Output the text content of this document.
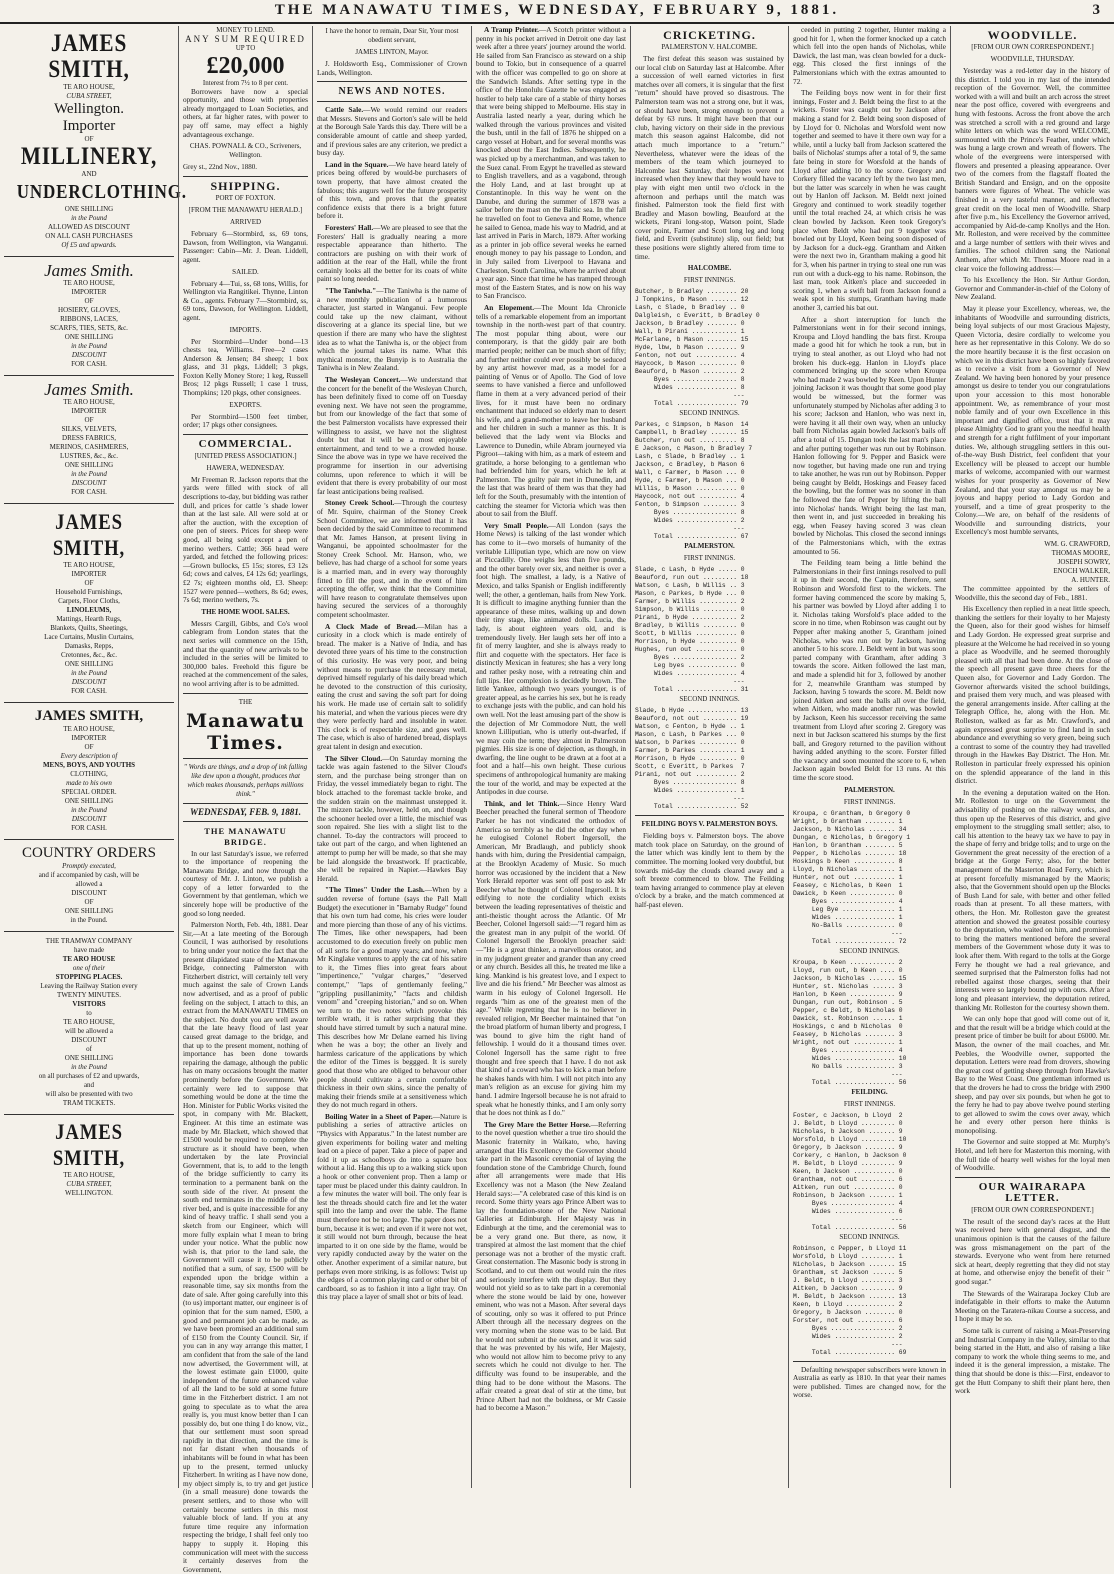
THE MANAWATU TIMES, WEDNESDAY, FEBRUARY 9, 1881.	3
JAMES SMITH,
TE ARO HOUSE,
CUBA STREET,
Wellington.
Importer
OF
MILLINERY,
AND
UNDERCLOTHING.
ONE SHILLING
in the Pound
ALLOWED AS DISCOUNT
ON ALL CASH PURCHASES
Of £5 and upwards.
James Smith.
TE ARO HOUSE,
IMPORTER
OF
HOSIERY, GLOVES,
RIBBONS, LACES,
SCARFS, TIES, SETS, &c.
ONE SHILLING
in the Pound
DISCOUNT
FOR CASH.
James Smith.
TE ARO HOUSE,
IMPORTER
OF
SILKS, VELVETS,
DRESS FABRICS,
MERINOS, CASHMERES,
LUSTRES, &c., &c.
ONE SHILLING
in the Pound
DISCOUNT
FOR CASH.
JAMES SMITH,
TE ARO HOUSE,
IMPORTER
OF
Household Furnishings,
Carpets, Floor Cloths,
LINOLEUMS,
Mattings, Hearth Rugs,
Blankets, Quilts, Sheetings,
Lace Curtains, Muslin Curtains,
Damasks, Repps,
Cretonnes, &c., &c.
ONE SHILLING
in the Pound
DISCOUNT
FOR CASH.
JAMES SMITH,
TE ARO HOUSE,
IMPORTER
OF
Every description of
MENS, BOYS, AND YOUTHS
CLOTHING,
made to his own
SPECIAL ORDER.
ONE SHILLING
in the Pound
DISCOUNT
FOR CASH.
COUNTRY ORDERS
Promptly executed,
and if accompanied by cash, will be
allowed a
DISCOUNT
OF
ONE SHILLING
in the Pound.
THE TRAMWAY COMPANY
have made
TE ARO HOUSE
one of their
STOPPING PLACES.
Leaving the Railway Station every
TWENTY MINUTES.
VISITORS
to
TE ARO HOUSE,
will be allowed a
DISCOUNT
of
ONE SHILLING
in the Pound
on all purchases of £2 and upwards,
and
will also be presented with two
TRAM TICKETS.
JAMES SMITH,
TE ARO HOUSE,
CUBA STREET,
WELLINGTON.
MONEY TO LEND.
ANY SUM REQUIRED
UP TO
£20,000
Interest from 7½ to 8 per cent.

Borrowers have now a special opportunity, and those with properties already mortgaged to Loan Societies, and others, at far higher rates, with power to pay off same, may effect a highly advantageous exchange.

CHAS. POWNALL & CO., Scriveners, Wellington.
Grey st., 22nd Nov., 1880.
SHIPPING.
PORT OF FOXTON.
[FROM THE MANAWATU HERALD.]
ARRIVED

February 6—Stormbird, ss, 69 tons, Dawson, from Wellington, via Wanganui. Passenger: Cabin—Mr. J. Dean. Liddell, agent.

SAILED.

February 4—Tui, ss, 68 tons, Willis, for Wellington via Rangitikei. Thynne, Linton & Co., agents. February 7—Stormbird, ss, 69 tons, Dawson, for Wellington. Liddell, agent.

IMPORTS.

Per Stormbird—Under bond—13 chests tea, Williams. Free—2 cases Anderson & Jensen; 84 sheep; 1 box glass, and 31 pkgs, Liddell; 3 pkgs, Foxton Kelly Money Store; 1 keg, Russell Bros; 12 pkgs Russell; 1 case 1 truss, Thompkins; 120 pkgs, other consignees.

EXPORTS.

Per Stormbird—1500 feet timber, order; 17 pkgs other consignees.

COMMERCIAL.
[UNITED PRESS ASSOCIATION.]
HAWERA, WEDNESDAY.

Mr Freeman R. Jackson reports that the yards were filled with stock of all descriptions to-day, but bidding was rather dull, and prices for cattle 's shade lower than at the last sale. All were sold at or after the auction, with the exception of one pen of steers. Prices for sheep were good, all being sold except a pen of merino wethers. Cattle; 366 head were yarded, and fetched the following prices:—Grown bullocks, £5 15s; stores, £3 12s 6d; cows and calves, £4 12s 6d; yearlings, £2 7s; eighteen months old, £3. Sheep: 1527 were penned—wethers, 8s 6d; ewes, 7s 6d; merino wethers, 7s.

THE HOME WOOL SALES.

Messrs Cargill, Gibbs, and Co's wool cablegram from London states that the next series will commence on the 15th, and that the quantity of new arrivals to be included in the series will be limited to 300,000 bales. Freehold this figure be reached at the commencement of the sales, no wool arriving after is to be admitted.

THE
Manawatu Times.
" Words are things, and a drop of ink falling like dew upon a thought, produces that which makes thousands, perhaps millions think."
WEDNESDAY, FEB. 9, 1881.
THE MANAWATU BRIDGE.

In our last Saturday's issue, we referred to the importance of reopening the Manawatu Bridge, and now through the courtesy of Mr. J. Linton, we publish a copy of a letter forwarded to the Government by that gentleman, which we sincerely hope will be productive of the good so long needed.

Palmerston North, Feb. 4th, 1881. Dear Sir,—At a late meeting of the Borough Council, I was authorised by resolutions to bring under your notice the fact that the present dilapidated state of the Manawatu Bridge, connecting Palmerston with Fitzherbert district, will certainly tell very much against the sale of Crown Lands now advertised, and as a proof of public feeling on the subject, I attach to this, an extract from the MANAWATU TIMES on the subject. No doubt you are well aware that the late heavy flood of last year caused great damage to the bridge, and that up to the present moment, nothing of importance has been done towards repairing the damage, although the public has on many occasions brought the matter prominently before the Government. We certainly were led to suppose that something would be done at the time the Hon. Minister for Public Works visited the spot, in company with Mr. Blackett, Engineer. At this time an estimate was made by Mr. Blackett, which showed that £1500 would be required to complete the structure as it should have been, when undertaken by the late Provincial Government, that is, to add to the length of the bridge sufficiently to carry its termination to a permanent bank on the south side of the river. At present the south end terminates in the middle of the river bed, and is quite inaccessible for any kind of heavy traffic. I shall send you a sketch from our Engineer, which will more fully explain what I mean to bring under your notice. What the public now wish is, that prior to the land sale, the Government will cause it to be publicly notified that a sum, of say, £500 will be expended upon the bridge within a reasonable time, say six months from the date of sale. After going carefully into this (to us) important matter, our engineer is of opinion that for the sum named, £500, a good and permanent job can be made, as we have been promised an additional sum of £150 from the County Council. Sir, if you can in any way arrange this matter, I am confident that from the sale of the land now advertised, the Government will, at the lowest estimate gain £1000, quite independent of the future enhanced value of all the land to be sold at some future time in the Fitzherbert district. I am not going to speculate as to what the area really is, you must know better than I can possibly do, but one thing I do know, viz., that our settlement must soon spread rapidly in that direction, and the time is not far distant when thousands of inhabitants will be found in what has been up to the present, termed unlucky Fitzherbert. In writing as I have now done, my object simply is, to try and get justice (in a small measure) done towards the present settlers, and to those who will certainly become settlers in this most valuable block of land. If you at any future time require any information respecting the bridge, I shall feel only too happy to supply it. Hoping this communication will meet with the success it certainly deserves from the Government,

I have the honor to remain, Dear Sir, Your most obedient servant,
JAMES LINTON, Mayor.

J. Holdsworth Esq., Commissioner of Crown Lands, Wellington.

NEWS AND NOTES.

Cattle Sale.—We would remind our readers that Messrs. Stevens and Gorton's sale will be held at the Borough Sale Yards this day. There will be a considerable amount of cattle and sheep yarded, and if previous sales are any criterion, we predict a busy day.

Land in the Square.—We have heard lately of prices being offered by would-be purchasers of town property, that have almost created the fabulous; this augurs well for the future prosperity of this town, and proves that the greatest confidence exists that there is a bright future before it.

Foresters' Hall.—We are pleased to see that the Foresters' Hall is gradually nearing a more respectable appearance than hitherto. The contractors are pushing on with their work of addition at the rear of the Hall, while the front certainly looks all the better for its coats of white paint so long needed.

"The Taniwha."—The Taniwha is the name of a new monthly publication of a humorous character, just started in Wanganui. Few people could take up the new claimant, without discovering at a glance its special line, but we question if there are many who have the slightest idea as to what the Taniwha is, or the object from which the journal takes its name. What this mythical monster, the Bunyip is to Australia the Taniwha is in New Zealand.

The Wesleyan Concert.—We understand that the concert for the benefit of the Wesleyan Church, has been definitely fixed to come off on Tuesday evening next. We have not seen the programme, but from our knowledge of the fact that some of the best Palmerston vocalists have expressed their willingness to assist, we have not the slightest doubt but that it will be a most enjoyable entertainment, and tend to we a crowded house. Since the above was in type we have received the programme for insertion in our advertising columns, upon reference to which it will be evident that there is every probability of our most far least anticipations being realised.

Stoney Creek School.—Through the courtesy of Mr. Squire, chairman of the Stoney Creek School Committee, we are informed that it has been decided by the said Committee to recommend that Mr. James Hanson, at present living in Wanganui, be appointed schoolmaster for the Stoney Creek School. Mr. Hanson, who, we believe, has had charge of a school for some years is a married man, and in every way thoroughly fitted to fill the post, and in the event of him accepting the offer, we think that the Committee will have reason to congratulate themselves upon having secured the services of a thoroughly competent schoolmaster.

A Clock Made of Bread.—Milan has a curiosity in a clock which is made entirely of bread. The maker is a Native of India, and has devoted three years of his time to the construction of this curiosity. He was very poor, and being without means to purchase the necessary metal, deprived himself regularly of his daily bread which he devoted to the construction of this curiosity, eating the crust and saving the soft part for doing his work. He made use of certain salt to solidify his material, and when the various pieces were dry they were perfectly hard and insoluble in water. This clock is of respectable size, and goes well. The case, which is also of hardened bread, displays great talent in design and execution.

The Silver Cloud.—On Saturday morning the tackle was again fastened to the Silver Cloud's stern, and the purchase being stronger than on Friday, the vessel immediately began to right. The block attached to the foremast tackle broke, and the sudden strain on the mainmast unstepped it. The mizzen tackle, however, held on, and though the schooner heeled over a little, the mischief was soon repaired. She lies with a slight list to the channel. To-day the contractors will proceed to take out part of the cargo, and when lightened an attempt to pump her will be made, so that she may be laid alongside the breastwork. If practicable, she will be repaired in Napier.—Hawkes Bay Herald.

"The Times" Under the Lash.—When by a sudden reverse of fortune (says the Pall Mall Budget) the executioner in "Barnaby Rudge" found that his own turn had come, his cries were louder and more piercing than those of any of his victims. The Times, like other newspapers, had been accustomed to do execution freely on public men of all sorts for a good many years; and now, when Mr Kinglake ventures to apply the cat of his satire to it, the Times flies into great fears about "impertinence," "vulgar charges," "deserved contempt," "laps of gentlemanly feeling," "grippling pusillanimity," "facts and childish venom" and "creeping historian," and so on. When we turn to the two notes which provoke this terrible wrath, it is rather surprising that they should have stirred tumult by such a natural mine. This describes how Mr Delane earned his living when he was a boy; the other an lively and harmless caricature of the applications by which the editor of the Times is beggged. It is surely good that those who are obliged to behavour other people should cultivate a certain comfortable thickness in their own skins, since the penalty of making their friends smile at a sensitiveness which they do not much regard in others.

Boiling Water in a Sheet of Paper.—Nature is publishing a series of attractive articles on "Physics with Apparatus." In the latest number are given experiments for boiling water and melting lead on a piece of paper. Take a piece of paper and fold it up as schoolboys do into a square box without a lid. Hang this up to a walking stick upon a hook or other convenient prop. Then a lamp or taper must be placed under this dainty cauldron. In a few minutes the water will boil. The only fear is lest the threads should catch fire and let the water spill into the lamp and over the table. The flame must therefore not be too large. The paper does not burn, because it is wet; and even if it were not wet, it still would not burn through, because the heat imparted to it on one side by the flame, would be very rapidly conducted away by the water on the other. Another experiment of a similar nature, but perhaps even more striking, is as follows: Twist up the edges of a common playing card or other bit of cardboard, so as to fashion it into a light tray. On this tray place a layer of small shot or bits of lead.

A Tramp Printer.—A Scotch printer without a penny in his pocket arrived in Detroit one day last week after a three years' journey around the world. He sailed from San Francisco as steward on a ship bound to Tokio, but in consequence of a quarrel with the officer was compelled to go on shore at the Sandwich Islands. After setting type in the office of the Honolulu Gazette he was engaged as hostler to help take care of a stable of thirty horses that were being shipped to Melbourne. His stay in Australia lasted nearly a year, during which he walked through the various provinces and visited the bush, until in the fall of 1876 he shipped on a cargo vessel at Hobart, and for several months was knocked about the East Indies. Subsequently, he was picked up by a merchantman, and was taken to the Suez canal. From Egypt he travelled as steward to English travellers, and as a vagabond, through the Holy Land, and at last brought up at Constantinople. In this way he went on the Danube, and during the summer of 1878 was a sailor before the mast on the Baltic sea. In the fall he travelled on foot to Geneva and Rome, whence he sailed to Genoa, made his way to Madrid, and at last arrived in Paris in March, 1879. After working as a printer in job office several weeks he earned enough money to pay his passage to London, and in July sailed from Liverpool to Havana and Charleston, South Carolina, where he arrived about a year ago. Since that time he has tramped through most of the Eastern States, and is now on his way to San Francisco.

An Elopement.—The Mount Ida Chronicle tells of a remarkable elopement from an important township in the north-west part of that country. The most popular thing about, were our contemporary, is that the giddy pair are both married people; neither can be much short of fifty; and further neither could ever possibly be seduced by any artist however mad, as a model for a painting of Venus or of Apollo. The God of love seems to have vanished a fierce and unfollowed flame in them at a very advanced period of their lives, for it must have been no ordinary enchantment that induced so elderly man to desert his wife, and a grand-mother to leave her husband and her children in such a manner as this. It is believed that the lady went via Blocks and Lawrence to Dunedin, while Abram journeyed via Pigroot—taking with him, as a mark of esteem and gratitude, a horse belonging to a gentleman who had befriended him for years, which he left at Palmerston. The guilty pair met in Dunedin, and the last that was heard of them was that they had left for the South, presumably with the intention of catching the steamer for Victoria which was then about to sail from the Bluff.

Very Small People.—All London (says the Home News) is talking of the last wonder which has come to it—two morsels of humanity of the veritable Lilliputian type, which are now on view at Piccadilly. One weighs less than five pounds, and the other barely over six, and neither is over a foot high. The smallest, a lady, is a Native of Mexico, and talks Spanish or English indifferently well; the other, a gentleman, hails from New York. It is difficult to imagine anything funnier than the appearance of these mites, walking up and down their tiny stage, like animated dolls. Lucia, the lady, is about eighteen years old, and is tremendously lively. Her laugh sets her off into a fit of merry laughter, and she is always ready to flirt and coquette with the spectators. Her face is distinctly Mexican in features; she has a very long and rather pesky nose, with a retreating chin and full lips. Her complexion is decidedly brown. The little Yankee, although two years younger, is of greater appeal, as he carries his sex, but he is ready to exchange jests with the public, and can hold his own well. Not the least amusing part of the show is the dejection of Mr Commodore Nutt, the well known Lilliputian, who is utterly out-dwarfed, if we may coin the term; they almost in Palmerston pigmies. His size is one of dejection, as though, in dwarfing, the line ought to be drawn at a foot at a foot and a half—his own height. These curious specimens of anthropological humanity are making the tour of the world, and may be expected at the Antipodes in due course.

Think, and let Think.—Since Henry Ward Beecher preached the funeral sermon of Theodore Parker he has not vindicated the orthodox of America so terribly as he did the other day when he eulogised Colonel Robert Ingersoll, the American, Mr Bradlaugh, and publicly shook hands with him, during the Presidential campaign, at the Brooklyn Academy of Music. So much horror was occasioned by the incident that a New York Herald reporter was sent off post to ask Mr Beecher what he thought of Colonel Ingersoll. It is edifying to note the cordiality which exists between the leading representatives of theistic and anti-theistic thought across the Atlantic. Of Mr Beecher, Colonel Ingersoll said:—"I regard him as the greatest man in any pulpit of the world. Of Colonel Ingersoll the Brooklyn preacher said:—"He is a great thinker, a marvellous orator, and in my judgment greater and grander than any creed or any church. Besides all this, he treated me like a king. Mankind is his greatest love, and I expect to live and die his friend." Mr Beecher was almost as warm in his eulogy of Colonel Ingersoll. He regards "him as one of the greatest men of the age." While regretting that he is no believer in revealed religion, Mr Beecher maintained that "on the broad platform of human liberty and progress, I was bound to give him the right hand of fellowship. I would do it a thousand times over. Colonel Ingersoll has the same right to free thought and free speech that I have. I do not ask that kind of a coward who has to kick a man before he shakes hands with him. I will not pitch into any man's religion as an excuse for giving him my hand. I admire Ingersoll because he is not afraid to speak what he honestly thinks, and I am only sorry that he does not think as I do."

The Grey Mare the Better Horse.—Referring to the novel question whether a true tiro should the Masonic fraternity in Waikato, who, having arranged that His Excellency the Governor should take part in the Masonic ceremonial of laying the foundation stone of the Cambridge Church, found after all arrangements were made that His Excellency was not a Mason (the New Zealand Herald says:—"A celebrated case of this kind is on record. Some thirty years ago Prince Albert was to lay the foundation-stone of the New National Galleries at Edinburgh. Her Majesty was in Edinburgh at the time, and the ceremonial was to be a very grand one. But there, as now, it transpired at almost the last moment that the chief personage was not a brother of the mystic craft. Great consternation. The Masonic body is strong in Scotland, and to cut them out would ruin the rites and seriously interfere with the display. But they would not yield so as to take part in a ceremonial where the stone would be laid by one, however eminent, who was not a Mason. After several days of scouting, only so was it offered to put Prince Albert through all the necessary degrees on the very morning when the stone was to be laid. But he would not submit at the outset, and it was said that he was prevented by his wife, Her Majesty, who would not allow him to become privy to any secrets which he could not divulge to her. The difficulty was found to be insuperable, and the thing had to be done without the Masons. The affair created a great deal of stir at the time, but Prince Albert had not the boldness, or Mr Cassie had to become a Mason."

CRICKETING.
PALMERSTON V. HALCOMBE.

The first defeat this season was sustained by our local club on Saturday last at Halcombe. After a succession of well earned victories in first matches over all comers, it is singular that the first "return" should have proved so disastrous. The Palmerston team was not a strong one, but it was, or should have been, strong enough to prevent a defeat by 63 runs. It might have been that our club, having victory on their side in the previous match this season against Halcombe, did not attach much importance to a "return." Nevertheless, whatever were the ideas of the members of the team which journeyed to Halcombe last Saturday, their hopes were not increased when they knew that they would have to play with eight men until two o'clock in the afternoon and perhaps until the match was finished. Palmerston took the field first with Bradley and Mason bowling, Beauford at the wickets, Pirani long-stop, Watson point, Slade cover point, Farmer and Scott long leg and long field, and Everitt (substitute) slip, out field; but these positions were slightly altered from time to time.

HALCOMBE.
FIRST INNINGS.
Butcher, b Bradley ........ 20
J Tompkins, b Mason ....... 12
Lash, c Slade, b Bradley .. 0
Dalgleish, c Everitt, b Bradley 0
Jackson, b Bradley ........ 0
Wall, b Pirani ............ 1
McFarlane, b Mason ........ 15
Hyde, lbw, b Mason ........ 9
Fenton, not out ........... 4
Haycock, b Mason .......... 0
Beauford, b Mason ......... 2
Byes ................. 8
Wides ................ 8
---
Total ................ 79
SECOND INNINGS.
Parkes, c Simpson, b Mason  14
Campbell, b Bradley ....... 15
Butcher, run out .......... 8
E Jackson, c Mason, b Bradley 7
Lash, c Slade, b Bradley .. 1
Jackson, c Bradley, b Mason 6
Wall, c Farmer, b Mason ... 0
Hyde, c Farmer, b Mason ... 0
Willis, b Mason ........... 0
Haycock, not out .......... 4
Fenton, b Simpson ......... 3
Byes ................. 8
Wides ................ 2
---
Total ................ 67
PALMERSTON.
FIRST INNINGS.
Slade, c Lash, b Hyde ..... 0
Beauford, run out ......... 18
Watson, c Lash, b Willis .. 3
Mason, c Parkes, b Hyde ... 0
Farmer, b Willis .......... 2
Simpson, b Willis ......... 0
Pirani, b Hyde ............ 2
Bradley, b Willis ......... 0
Scott, b Willis ........... 0
Morrison, b Hyde .......... 0
Hughes, run out ........... 0
Byes ................. 2
Leg byes ............. 0
Wides ................ 4
---
Total ................ 31
SECOND INNINGS.
Slade, b Hyde ............. 13
Beauford, not out ......... 19
Watson, c Fenton, b Hyde .. 1
Mason, c Lash, b Parkes ... 0
Watson, b Parkes .......... 0
Farmer, b Parkes .......... 1
Morrison, b Hyde .......... 0
Scott, c Everitt, b Parkes  7
Pirani, not out ........... 2
Byes ................. 8
Wides ................ 1
---
Total ................ 52
FEILDING BOYS V. PALMERSTON BOYS.

Fielding boys v. Palmerston boys. The above match took place on Saturday, on the ground of the latter which was kindly lent to them by the committee. The morning looked very doubtful, but towards mid-day the clouds cleared away and a soft breeze commenced to blow. The Feilding team having arranged to commence play at eleven o'clock by a brake, and the match commenced at half-past eleven.

ceeded in putting 2 together, Hunter making a good hit for 1, when the former knocked up a catch which fell into the open hands of Nicholas, while Dawick, the last man, was clean bowled for a duck-egg. This closed the first innings of the Palmerstonians which with the extras amounted to 72.

The Feilding boys now went in for their first innings, Foster and J. Beldt being the first to at the wickets. Foster was caught out by Jackson after making a stand for 2. Beldt being soon disposed of by Lloyd for 0. Nicholas and Worsfold went now together and seemed to have it there own way for a while, until a lucky ball from Jackson scattered the bails of Nicholas' stumps after a total of 9, the same fate being in store for Worsfold at the hands of Lloyd after adding 10 to the score. Gregory and Corkery filled the vacancy left by the two last men, but the latter was scarcely in when he was caught out by Hanlon off Jackson. M. Beldt next joined Gregory and continued to work steadily together until the total reached 24, at which crisis he was clean bowled by Jackson. Keen took Gregory's place when Beldt who had put 9 together was bowled out by Lloyd, Keen being soon disposed of by Jackson for a duck-egg. Grantham and Aitken were the next two in, Grantham making a good hit for 3, when his partner in trying to steal one run was run out with a duck-egg to his name. Robinson, the last man, took Aitken's place and succeeded in scoring 1, when a swift ball from Jackson found a weak spot in his stumps, Grantham having made another 3, carried his bat out.

After a short interruption for lunch the Palmerstonians went in for their second innings, Kroupa and Lloyd handling the bats first. Kroupa made a good hit for which he took a run, but in trying to steal another, as out Lloyd who had not broken his duck-egg. Hanlon in Lloyd's place commenced bringing up the score when Kroupa who had made 2 was bowled by Keen. Upon Hunter joining Jackson it was thought that some good play would be witnessed, but the former was unfortunately stumped by Nicholas after adding 3 to his score; Jackson and Hanlon, who was next in, were having it all their own way, when an unlucky ball from Nicholas again bowled Jackson's bails off after a total of 15. Dungan took the last man's place and after putting together was run out by Robinson. Hanlon following for 9. Pepper and Basick were now together, but having made one run and trying to take another, he was run out by Robinson. Pepper being caught by Beldt, Hoskings and Feasey faced the bowling, but the former was no sooner in than he followed the fate of Pepper by lifting the ball into Nicholas' hands. Wright being the last man, then went in, and just succeeded in breaking his egg, when Feasey having scored 3 was clean bowled by Nicholas. This closed the second innings of the Palmerstonians which, with the extras amounted to 56.

The Feilding team being a little behind the Palmerstonians in their first innings resolved to pull it up in their second, the Captain, therefore, sent Robinson and Worsfold first to the wickets. The former having commenced the score by making 5, his partner was bowled by Lloyd after adding 1 to it. Nicholas taking Worsfold's place added to the score in no time, when Robinson was caught out by Pepper after making another 5, Grantham joined Nicholas, who was run out by Jackson, having another 5 to his score. J. Beldt went in but was soon parted company with Grantham, after adding 3 towards the score. Aitken followed the last man, and made a splendid hit for 3, followed by another for 2, meanwhile Grantham was stumped by Jackson, having 5 towards the score. M. Beldt now joined Aitken and sent the balls all over the field, when Aitken, who made another run, was bowled by Jackson, Keen his successor receiving the same treatment from Lloyd after scoring 2. Gregory was next in but Jackson scattered his stumps by the first ball, and Gregory returned to the pavilion without having added anything to the score. Forster filled the vacancy and soon mounted the score to 6, when Jackson again bowled Beldt for 13 runs. At this time the score stood.

PALMERSTON.
FIRST INNINGS.
Kroupa, c Grantham, b Gregory 0
Wright, b Grantham ........ 1
Jackson, b Nicholas ....... 34
Dungan, c Nicholas, b Gregory 1
Hanlon, b Grantham ........ 5
Pepper, b Nicholas ........ 18
Hoskings b Keen ........... 8
Lloyd, b Nicholas ......... 1
Hunter, not out ........... 1
Feasey, c Nicholas, b Keen  1
Dawick, b Keen ............ 0
Byes ................. 4
Leg Bye .............. 1
Wides ................ 1
No-Balls ............. 0
---
Total ................ 72
SECOND INNINGS.
Kroupa, b Keen ............ 2
Lloyd, run out, b Keen .... 0
Jackson, b Nicholas ....... 15
Hunter, st. Nicholas ...... 3
Hanlon, b Keen ............ 9
Dungan, run out, Robinson . 5
Pepper, c Beldt, b Nicholas 0
Dawick, st. Robinson ...... 1
Hoskings, c and b Nicholas  0
Feasey, b Nicholas ........ 3
Wright, not out ........... 1
Byes ................. 4
Wides ................ 10
No balls ............. 3
---
Total ................ 56
FEILDING.
FIRST INNINGS.
Foster, c Jackson, b Lloyd  2
J. Beldt, b Lloyd ......... 0
Nicholas, b Jackson ....... 9
Worsfold, b Lloyd ......... 10
Gregory, b Jackson ........ 9
Corkery, c Hanlon, b Jackson 0
M. Beldt, b Lloyd ......... 9
Keen, b Jackson ........... 0
Grantham, not out ......... 6
Aitken, run out ........... 0
Robinson, b Jackson ....... 1
Byes ................. 4
Wides ................ 6
---
Total ................ 56
SECOND INNINGS.
Robinson, c Pepper, b Lloyd 11
Worsfold, b Lloyd ......... 1
Nicholas, b Jackson ....... 15
Grantham, st Jackson ...... 5
J. Beldt, b Lloyd ......... 3
Aitken, b Jackson ......... 9
M. Beldt, b Jackson ....... 13
Keen, b Lloyd ............. 2
Gregory, b Jackson ........ 0
Forster, not out .......... 6
Byes ................. 2
Wides ................ 2
---
Total ................ 69

Defaulting newspaper subscribers were known in Australia as early as 1810. In that year their names were published. Times are changed now, for the worse.

WOODVILLE.
[FROM OUR OWN CORRESPONDENT.]
WOODVILLE, THURSDAY.

Yesterday was a red-letter day in the history of this district. I told you in my last of the intended reception of the Governor. Well, the committee worked with a will and built an arch across the street near the post office, covered with evergreens and hung with festoons. Across the front above the arch was stretched a scroll with a red ground and large white letters on which was the word WELCOME, surmounted with the Prince's Feather, under which was hung a large crown and wreath of flowers. The whole of the evergreens were interspersed with flowers and presented a pleasing appearance. Over two of the corners from the flagstaff floated the British Standard and Ensign, and on the opposite banners were figures of Wheat. The vehicle was finished in a very tasteful manner, and reflected great credit on the local men of Woodville. Sharp after five p.m., his Excellency the Governor arrived, accompanied by Aid-de-camp Knollys and the Hon. Mr. Rolleston, and were received by the committee and a large number of settlers with their wives and families. The school children sang the National Anthem, after which Mr. Thomas Moore read in a clear voice the following address:—

To his Excellency the Hon. Sir Arthur Gordon, Governor and Commander-in-chief of the Colony of New Zealand.

May it please your Excellency, whereas, we, the inhabitants of Woodville and surrounding districts, being loyal subjects of our most Gracious Majesty, Queen Victoria, desire cordially to welcome you here as her representative in this Colony. We do so the more heartily because it is the first occasion on which we in this district have been so highly favored as to receive a visit from a Governor of New Zealand. We having been honored by your presence amongst us desire to tender you our congratulations upon your accession to this most honorable appointment. We, as remembrance of your most noble family and of your own Excellence in this important and dignified office, trust that it may please Almighty God to grant you the needful health and strength for a right fulfilment of your important duties. We, although struggling settlers in this out-of-the-way Bush District, feel confident that your Excellency will be pleased to accept our humble marks of welcome, accompanied with our warmest wishes for your prosperity as Governor of New Zealand, and that your stay amongst us may be a joyous and happy period to Lady Gordon and yourself, and a time of great prosperity to the Colony.—We are, on behalf of the residents of Woodville and surrounding districts, your Excellency's most humble servants,

WM. G. CRAWFORD,
THOMAS MOORE,
JOSEPH SOWRY,
ENOCH WALKER,
A. HUNTER.

The committee appointed by the settlers of Woodville, this the second day of Feb., 1881.

His Excellency then replied in a neat little speech, thanking the settlers for their loyalty to her Majesty the Queen, also for their good wishes for himself and Lady Gordon. He expressed great surprise and pleasure at the Welcome he had received in so young a place as Woodville, and he seemed thoroughly pleased with all that had been done. At the close of the speech all present gave three cheers for the Queen also, for Governor and Lady Gordon. The Governor afterwards visited the school buildings, and praised them very much, and was pleased with the general arrangements inside. After calling at the Telegraph Office, he, along with the Hon. Mr. Rolleston, walked as far as Mr. Crawford's, and again expressed great surprise to find land in such abundance and everything so very green, being such a contrast to some of the country they had travelled through in the Hawkes Bay District. The Hon. Mr. Rolleston in particular freely expressed his opinion on the splendid appearance of the land in this district.

In the evening a deputation waited on the Hon. Mr. Rolleston to urge on the Government the advisability of pushing on the railway works, and thus open up the Reserves of this district, and give employment to the struggling small settler; also, to call his attention to the heavy tax we have to pay in the shape of ferry and bridge tolls; and to urge on the Government the great necessity of the erection of a bridge at the Gorge Ferry; also, for the better management of the Masterton Road Ferry, which is at present forcefully mismanaged by the Maoris; also, that the Government should open up the Blocks of Bush Land for sale, with better and other felled roads than at present. To all these matters, with others, the Hon. Mr. Rolleston gave the greatest attention and showed the greatest possible courtesy to the deputation, who waited on him, and promised to bring the matters mentioned before the several members of the Government whose duty it was to look after them. With regard to the tolls at the Gorge Ferry he thought we had a real grievance, and seemed surprised that the Palmerston folks had not rebelled against those charges, seeing that their interests were so largely bound up with ours. After a long and pleasant interview, the deputation retired, thanking Mr. Rolleston for the courtesy shown them.

We can only hope that good will come out of it, and that the result will be a bridge which could at the present price of timber be built for about £6000. Mr. Mason, the owner of the mail coaches, and Mr. Peebles, the Woodville owner, supported the deputation. Letters were read from drovers, showing the great cost of getting sheep through from Hawke's Bay to the West Coast. One gentleman informed us that the drovers he had to cross the bridge with 2900 sheep, and pay over six pounds, but when he got to the ferry he had to pay above twelve pound sterling to get allowed to swim the cows over away, which he and every other person here thinks is monopolising.

The Governor and suite stopped at Mr. Murphy's Hotel, and left here for Masterton this morning, with the full tide of hearty well wishes for the loyal men of Woodville.

OUR WAIRARAPA LETTER.
[FROM OUR OWN CORRESPONDENT.]

The result of the second day's races at the Hutt was received here with general disgust, and the unanimous opinion is that the causes of the failure was gross mismanagement on the part of the stewards. Everyone who went from here returned sick at heart, deeply regretting that they did not stay at home, and otherwise enjoy the benefit of their " good sugar."

The Stewards of the Wairarapa Jockey Club are indefatigable in their efforts to make the Autumn Meeting on the Taratera-nikau Course a success, and I hope it may be so.

Some talk is current of raising a Meat-Preserving and Industrial Company in the Valley, similar to that being started in the Hutt, and also of raising a like company to work the whole thing seems to me, and indeed it is the general impression, a mistake. The thing that should be done is this:—First, endeavor to get the Hutt Company to shift their plant here, then work
